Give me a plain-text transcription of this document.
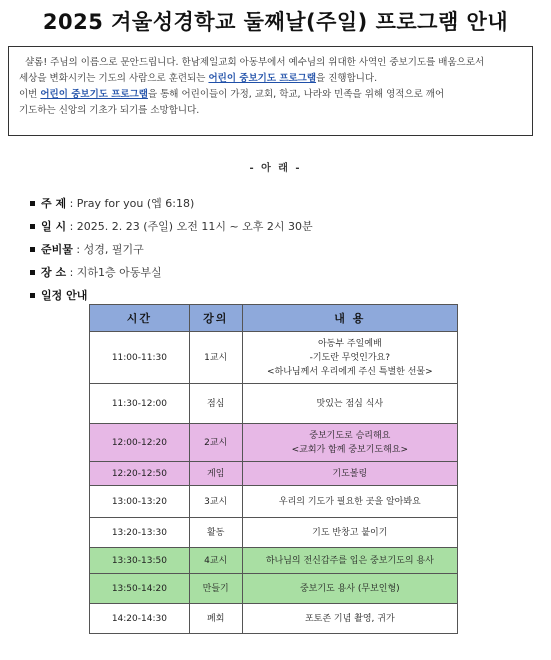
2025 겨울성경학교 둘째날(주일) 프로그램 안내

샬롬! 주님의 이름으로 문안드립니다. 한남제일교회 아동부에서 예수님의 위대한 사역인 중보기도를 배움으로서

세상을 변화시키는 기도의 사람으로 훈련되는 어린이 중보기도 프로그램을 진행합니다.

이번 어린이 중보기도 프로그램을 통해 어린이들이 가정, 교회, 학교, 나라와 민족을 위해 영적으로 깨어

기도하는 신앙의 기초가 되기를 소망합니다.

- 아 래 -
주 제 : Pray for you (엡 6:18)
일 시 : 2025. 2. 23 (주일) 오전 11시 ~ 오후 2시 30분
준비물 : 성경, 필기구
장 소 : 지하1층 아동부실
일정 안내
시간	강의	내 용
11:00-11:30	1교시	아동부 주일예배
-기도란 무엇인가요?
<하나님께서 우리에게 주신 특별한 선물>

11:30-12:00	점심	맛있는 점심 식사

12:00-12:20	2교시	중보기도로 승리해요
<교회가 함께 중보기도해요>

12:20-12:50	게임	기도볼링

13:00-13:20	3교시	우리의 기도가 필요한 곳을 알아봐요

13:20-13:30	활동	기도 반창고 붙이기

13:30-13:50	4교시	하나님의 전신갑주를 입은 중보기도의 용사

13:50-14:20	만들기	중보기도 용사 (무보인형)

14:20-14:30	폐회	포토존 기념 촬영, 귀가
